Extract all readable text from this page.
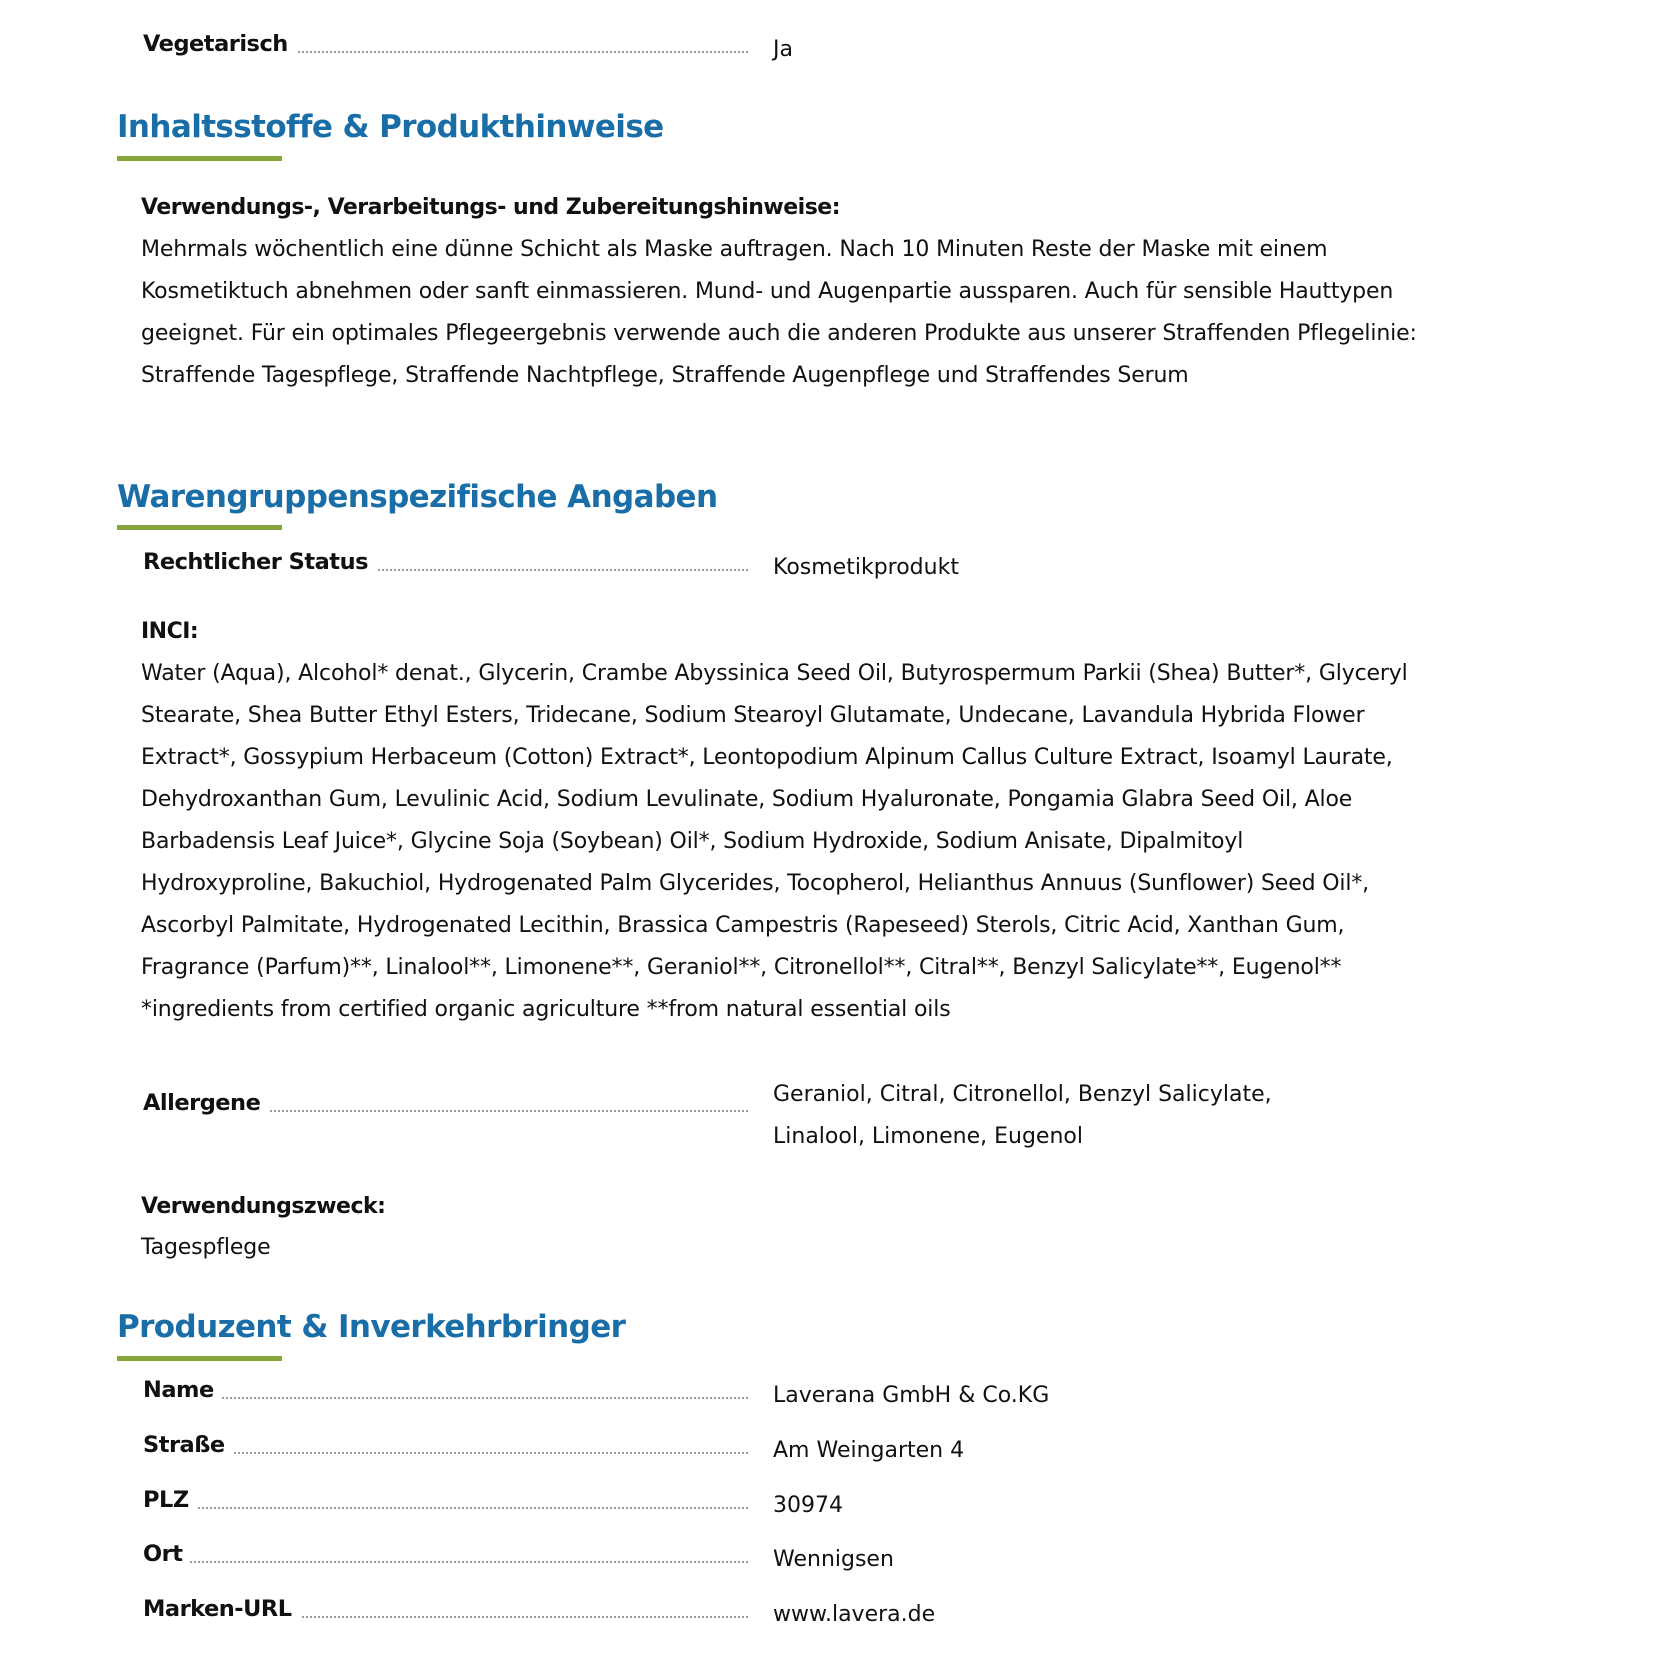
Vegetarisch	Ja
Inhaltsstoffe & Produkthinweise
Verwendungs-, Verarbeitungs- und Zubereitungshinweise:
Mehrmals wöchentlich eine dünne Schicht als Maske auftragen. Nach 10 Minuten Reste der Maske mit einem Kosmetiktuch abnehmen oder sanft einmassieren. Mund- und Augenpartie aussparen. Auch für sensible Hauttypen geeignet. Für ein optimales Pflegeergebnis verwende auch die anderen Produkte aus unserer Straffenden Pflegelinie: Straffende Tagespflege, Straffende Nachtpflege, Straffende Augenpflege und Straffendes Serum
Warengruppenspezifische Angaben
Rechtlicher Status	Kosmetikprodukt
INCI:
Water (Aqua), Alcohol* denat., Glycerin, Crambe Abyssinica Seed Oil, Butyrospermum Parkii (Shea) Butter*, Glyceryl Stearate, Shea Butter Ethyl Esters, Tridecane, Sodium Stearoyl Glutamate, Undecane, Lavandula Hybrida Flower Extract*, Gossypium Herbaceum (Cotton) Extract*, Leontopodium Alpinum Callus Culture Extract, Isoamyl Laurate, Dehydroxanthan Gum, Levulinic Acid, Sodium Levulinate, Sodium Hyaluronate, Pongamia Glabra Seed Oil, Aloe Barbadensis Leaf Juice*, Glycine Soja (Soybean) Oil*, Sodium Hydroxide, Sodium Anisate, Dipalmitoyl Hydroxyproline, Bakuchiol, Hydrogenated Palm Glycerides, Tocopherol, Helianthus Annuus (Sunflower) Seed Oil*, Ascorbyl Palmitate, Hydrogenated Lecithin, Brassica Campestris (Rapeseed) Sterols, Citric Acid, Xanthan Gum, Fragrance (Parfum)**, Linalool**, Limonene**, Geraniol**, Citronellol**, Citral**, Benzyl Salicylate**, Eugenol** *ingredients from certified organic agriculture **from natural essential oils
Allergene	Geraniol, Citral, Citronellol, Benzyl Salicylate, Linalool, Limonene, Eugenol
Verwendungszweck:
Tagespflege
Produzent & Inverkehrbringer
Name	Laverana GmbH & Co.KG
Straße	Am Weingarten 4
PLZ	30974
Ort	Wennigsen
Marken-URL	www.lavera.de
